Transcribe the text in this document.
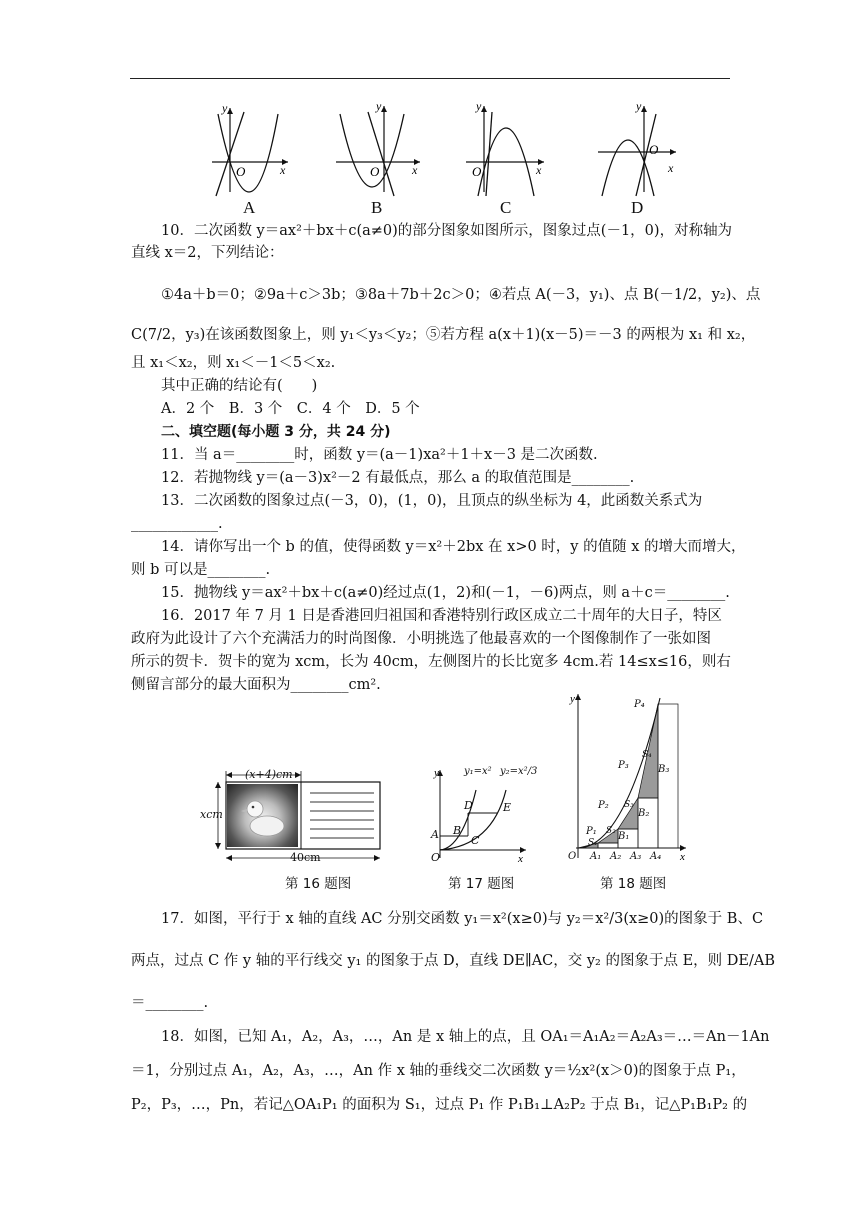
y
x
O
y
x
O
y
x
O
y
x
O
A	B	C	D
10．二次函数 y＝ax²＋bx＋c(a≠0)的部分图象如图所示，图象过点(－1，0)，对称轴为
直线 x＝2，下列结论：
①4a＋b＝0；②9a＋c＞3b；③8a＋7b＋2c＞0；④若点 A(－3，y₁)、点 B(－1/2，y₂)、点
C(7/2，y₃)在该函数图象上，则 y₁＜y₃＜y₂；⑤若方程 a(x＋1)(x－5)＝－3 的两根为 x₁ 和 x₂，
且 x₁＜x₂，则 x₁＜－1＜5＜x₂.
其中正确的结论有(　　)
A．2 个　B．3 个　C．4 个　D．5 个
二、填空题(每小题 3 分，共 24 分)
11．当 a＝________时，函数 y＝(a－1)xa²＋1＋x－3 是二次函数.
12．若抛物线 y＝(a－3)x²－2 有最低点，那么 a 的取值范围是________.
13．二次函数的图象过点(－3，0)，(1，0)，且顶点的纵坐标为 4，此函数关系式为
____________.
14．请你写出一个 b 的值，使得函数 y＝x²＋2bx 在 x>0 时，y 的值随 x 的增大而增大，
则 b 可以是________.
15．抛物线 y＝ax²＋bx＋c(a≠0)经过点(1，2)和(－1，－6)两点，则 a＋c＝________.
16．2017 年 7 月 1 日是香港回归祖国和香港特别行政区成立二十周年的大日子，特区
政府为此设计了六个充满活力的时尚图像．小明挑选了他最喜欢的一个图像制作了一张如图
所示的贺卡．贺卡的宽为 xcm，长为 40cm，左侧图片的长比宽多 4cm.若 14≤x≤16，则右
侧留言部分的最大面积为________cm².
(x+4)cm
xcm
40cm
第 16 题图
y
x
y₁=x² y₂=x²/3
A B
C
D	E
O
第 17 题图
y
x
P₄
P₃
P₂
P₁ B₁
B₂
B₃
S₁
S₂
S₃
S₄
A₁ A₂ A₃ A₄
O
第 18 题图
17．如图，平行于 x 轴的直线 AC 分别交函数 y₁＝x²(x≥0)与 y₂＝x²/3(x≥0)的图象于 B、C
两点，过点 C 作 y 轴的平行线交 y₁ 的图象于点 D，直线 DE∥AC，交 y₂ 的图象于点 E，则 DE/AB
＝________.
18．如图，已知 A₁，A₂，A₃，…，An 是 x 轴上的点，且 OA₁＝A₁A₂＝A₂A₃＝…＝An－1An
＝1，分别过点 A₁，A₂，A₃，…，An 作 x 轴的垂线交二次函数 y＝½x²(x＞0)的图象于点 P₁，
P₂，P₃，…，Pn，若记△OA₁P₁ 的面积为 S₁，过点 P₁ 作 P₁B₁⊥A₂P₂ 于点 B₁，记△P₁B₁P₂ 的
